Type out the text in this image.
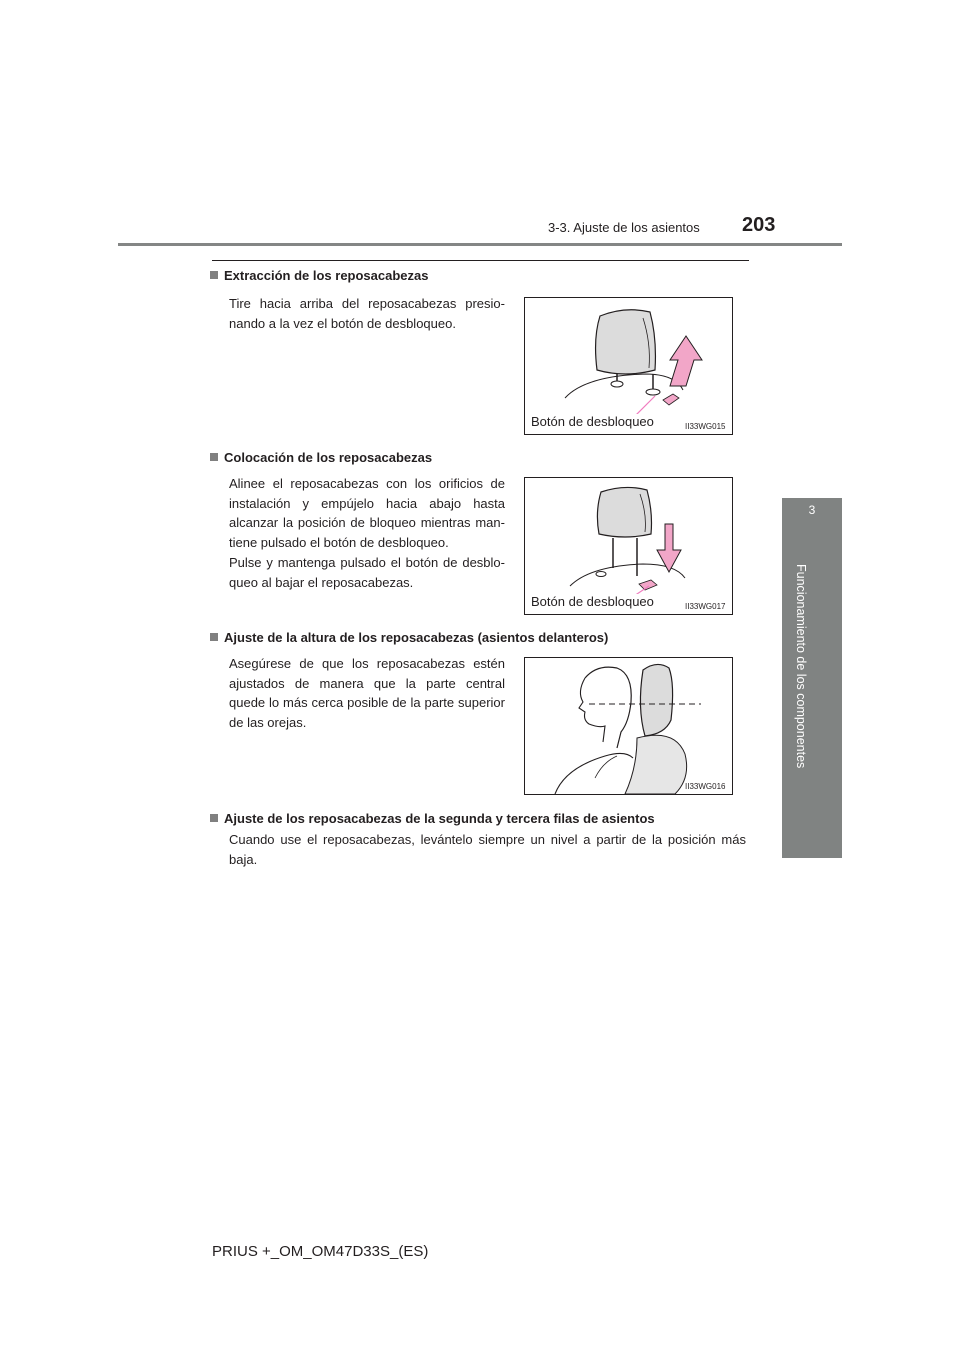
3-3. Ajuste de los asientos 203
3
Funcionamiento de los componentes
Extracción de los reposacabezas
Tire hacia arriba del reposacabezas presionando a la vez el botón de desbloqueo.
Botón de desbloqueo	II33WG015
Colocación de los reposacabezas
Alinee el reposacabezas con los orificios de instalación y empújelo hacia abajo hasta alcanzar la posición de bloqueo mientras mantiene pulsado el botón de desbloqueo.
Pulse y mantenga pulsado el botón de desbloqueo al bajar el reposacabezas.
Botón de desbloqueo	II33WG017
Ajuste de la altura de los reposacabezas (asientos delanteros)
Asegúrese de que los reposacabezas estén ajustados de manera que la parte central quede lo más cerca posible de la parte superior de las orejas.
II33WG016
Ajuste de los reposacabezas de la segunda y tercera filas de asientos
Cuando use el reposacabezas, levántelo siempre un nivel a partir de la posición más baja.
PRIUS +_OM_OM47D33S_(ES)
